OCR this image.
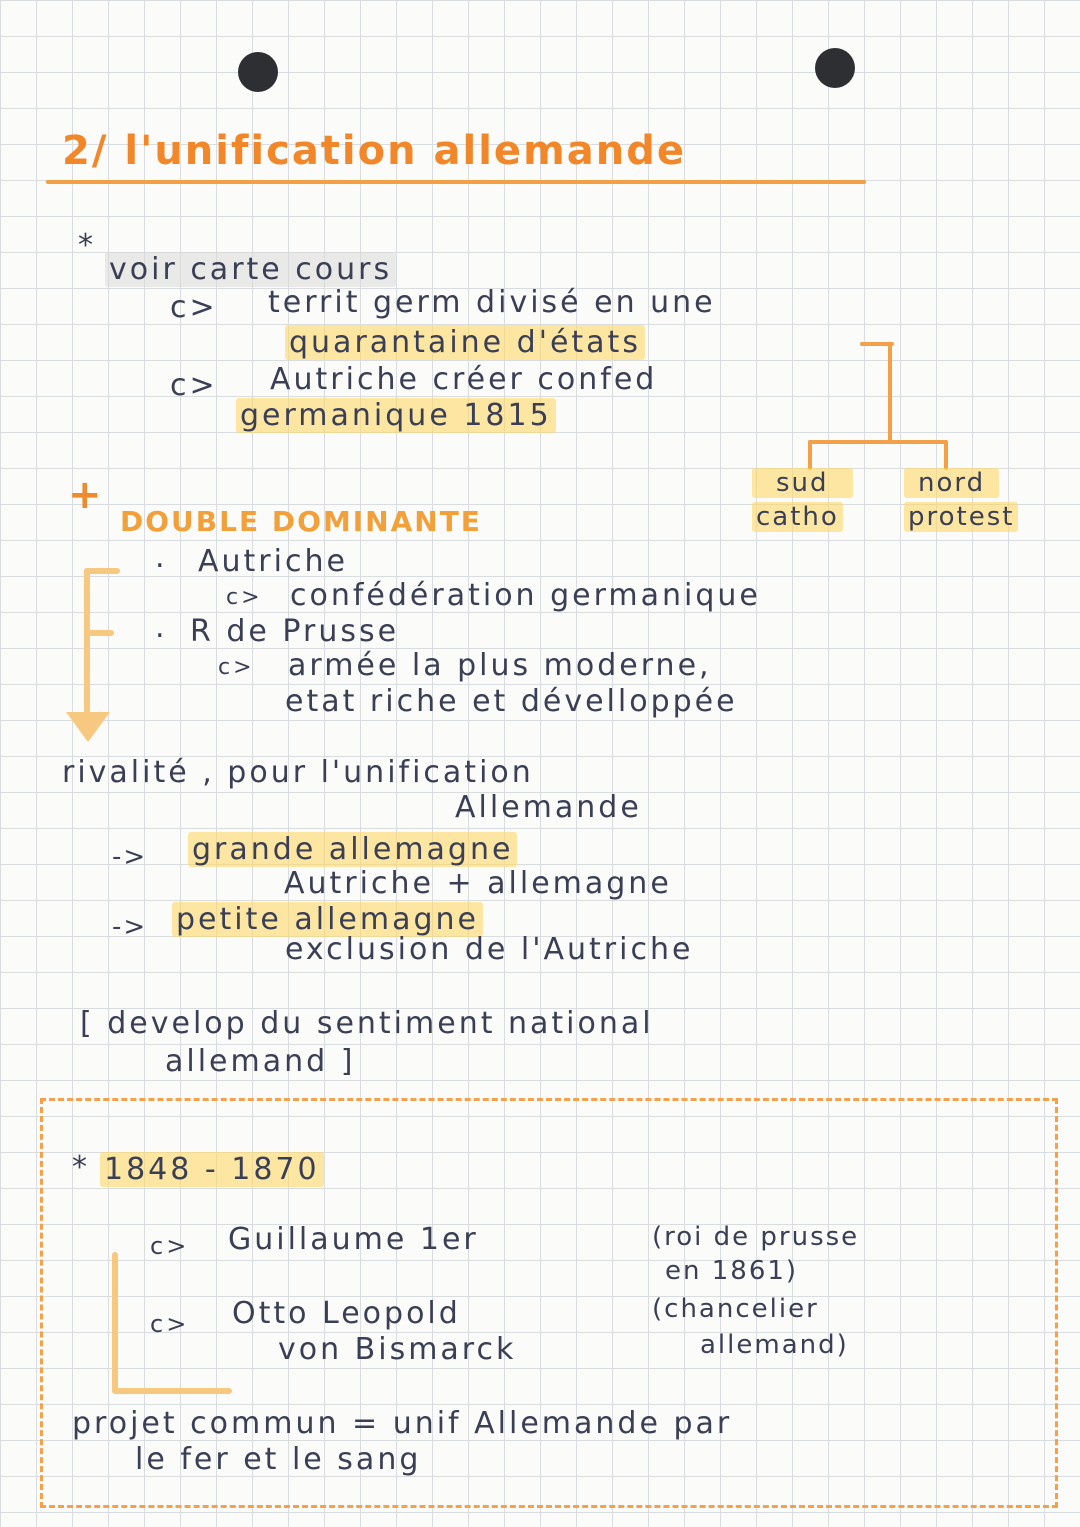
2/ l'unification allemande
*
voir carte cours
c> territ germ divisé en une
quarantaine d'états
c> Autriche créer confed
germanique 1815
sud
catho
nord
protest
+
DOUBLE DOMINANTE
. Autriche
c> confédération germanique
. R de Prusse
c> armée la plus moderne,
etat riche et dévelloppée
rivalité , pour l'unification
Allemande
-> grande allemagne
Autriche + allemagne
-> petite allemagne
exclusion de l'Autriche
[ develop du sentiment national
allemand ]
* 1848 - 1870
c> Guillaume 1er	(roi de prusse
en 1861)
c> Otto Leopold
von Bismarck
(chancelier
allemand)
projet commun = unif Allemande par
le fer et le sang
